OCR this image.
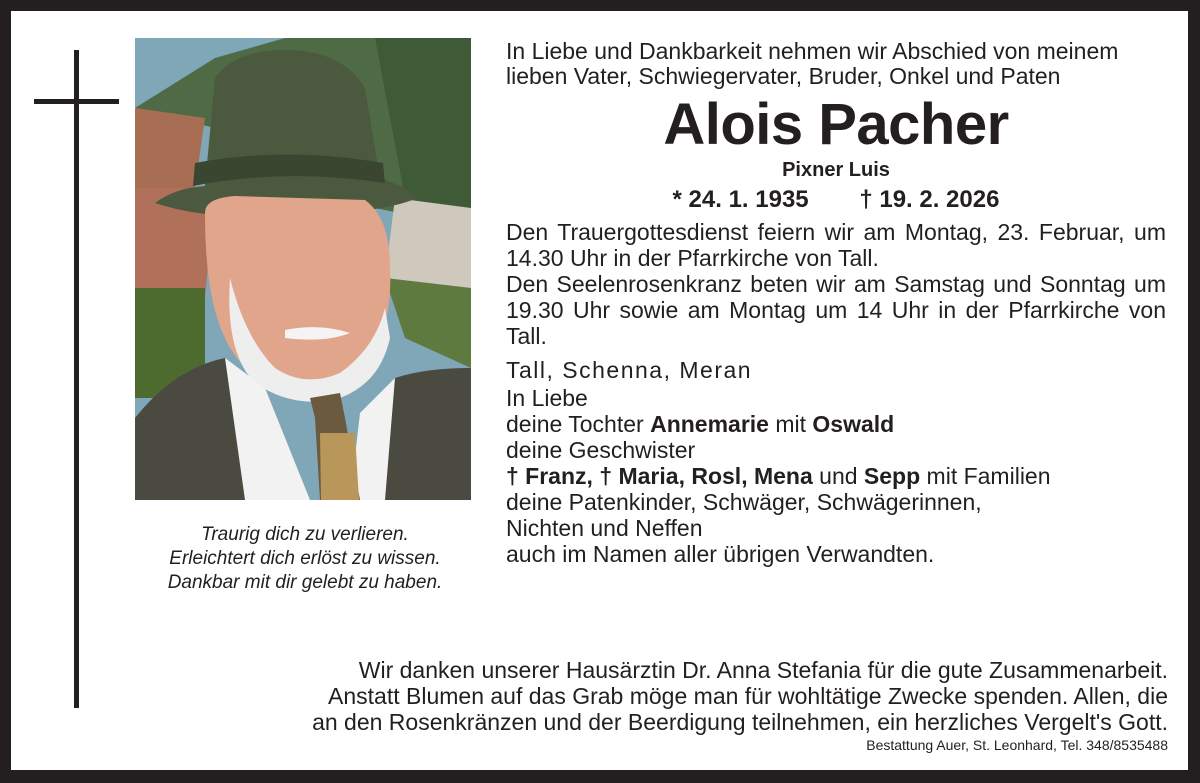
Traurig dich zu verlieren.
Erleichtert dich erlöst zu wissen.
Dankbar mit dir gelebt zu haben.

In Liebe und Dankbarkeit nehmen wir Abschied von meinem lieben Vater, Schwiegervater, Bruder, Onkel und Paten

Alois Pacher
Pixner Luis
* 24. 1. 1935 † 19. 2. 2026
Den Trauergottesdienst feiern wir am Montag, 23. Februar, um 14.30 Uhr in der Pfarrkirche von Tall.
Den Seelenrosenkranz beten wir am Samstag und Sonntag um 19.30 Uhr sowie am Montag um 14 Uhr in der Pfarrkirche von Tall.
Tall, Schenna, Meran
In Liebe
deine Tochter Annemarie mit Oswald
deine Geschwister
† Franz, † Maria, Rosl, Mena und Sepp mit Familien
deine Patenkinder, Schwäger, Schwägerinnen,
Nichten und Neffen
auch im Namen aller übrigen Verwandten.
Wir danken unserer Hausärztin Dr. Anna Stefania für die gute Zusammenarbeit.
Anstatt Blumen auf das Grab möge man für wohltätige Zwecke spenden. Allen, die
an den Rosenkränzen und der Beerdigung teilnehmen, ein herzliches Vergelt's Gott.
Bestattung Auer, St. Leonhard, Tel. 348/8535488
